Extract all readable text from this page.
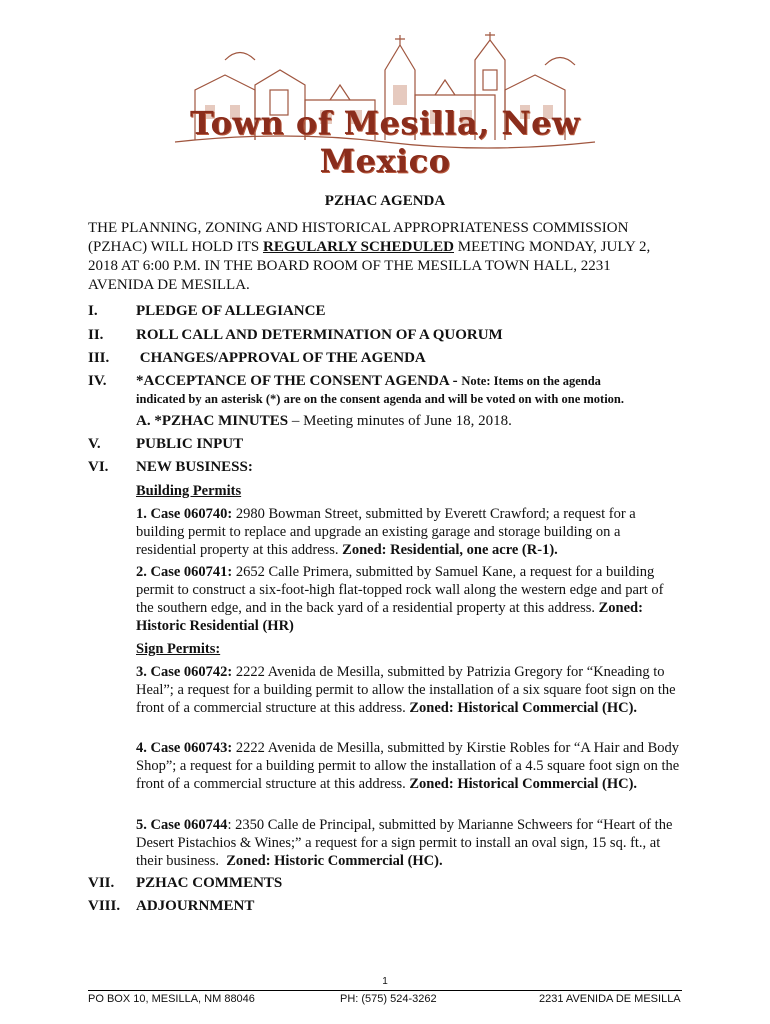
Town of Mesilla, New Mexico
PZHAC AGENDA
THE PLANNING, ZONING AND HISTORICAL APPROPRIATENESS COMMISSION (PZHAC) WILL HOLD ITS REGULARLY SCHEDULED MEETING MONDAY, JULY 2, 2018 AT 6:00 P.M. IN THE BOARD ROOM OF THE MESILLA TOWN HALL, 2231 AVENIDA DE MESILLA.
I.	PLEDGE OF ALLEGIANCE
II. ROLL CALL AND DETERMINATION OF A QUORUM
III. CHANGES/APPROVAL OF THE AGENDA
IV. *ACCEPTANCE OF THE CONSENT AGENDA - Note: Items on the agenda
indicated by an asterisk (*) are on the consent agenda and will be voted on with one motion.
A. *PZHAC MINUTES – Meeting minutes of June 18, 2018.
V. PUBLIC INPUT
VI. NEW BUSINESS:
Building Permits
1. Case 060740: 2980 Bowman Street, submitted by Everett Crawford; a request for a building permit to replace and upgrade an existing garage and storage building on a residential property at this address. Zoned: Residential, one acre (R-1).
2. Case 060741: 2652 Calle Primera, submitted by Samuel Kane, a request for a building permit to construct a six-foot-high flat-topped rock wall along the western edge and part of the southern edge, and in the back yard of a residential property at this address. Zoned: Historic Residential (HR)
Sign Permits:
3. Case 060742: 2222 Avenida de Mesilla, submitted by Patrizia Gregory for “Kneading to Heal”; a request for a building permit to allow the installation of a six square foot sign on the front of a commercial structure at this address. Zoned: Historical Commercial (HC).
4. Case 060743: 2222 Avenida de Mesilla, submitted by Kirstie Robles for “A Hair and Body Shop”; a request for a building permit to allow the installation of a 4.5 square foot sign on the front of a commercial structure at this address. Zoned: Historical Commercial (HC).
5. Case 060744: 2350 Calle de Principal, submitted by Marianne Schweers for “Heart of the Desert Pistachios & Wines;” a request for a sign permit to install an oval sign, 15 sq. ft., at their business.  Zoned: Historic Commercial (HC).
VII. PZHAC COMMENTS
VIII. ADJOURNMENT
1
PO BOX 10, MESILLA, NM 88046	PH: (575) 524-3262	2231 AVENIDA DE MESILLA
